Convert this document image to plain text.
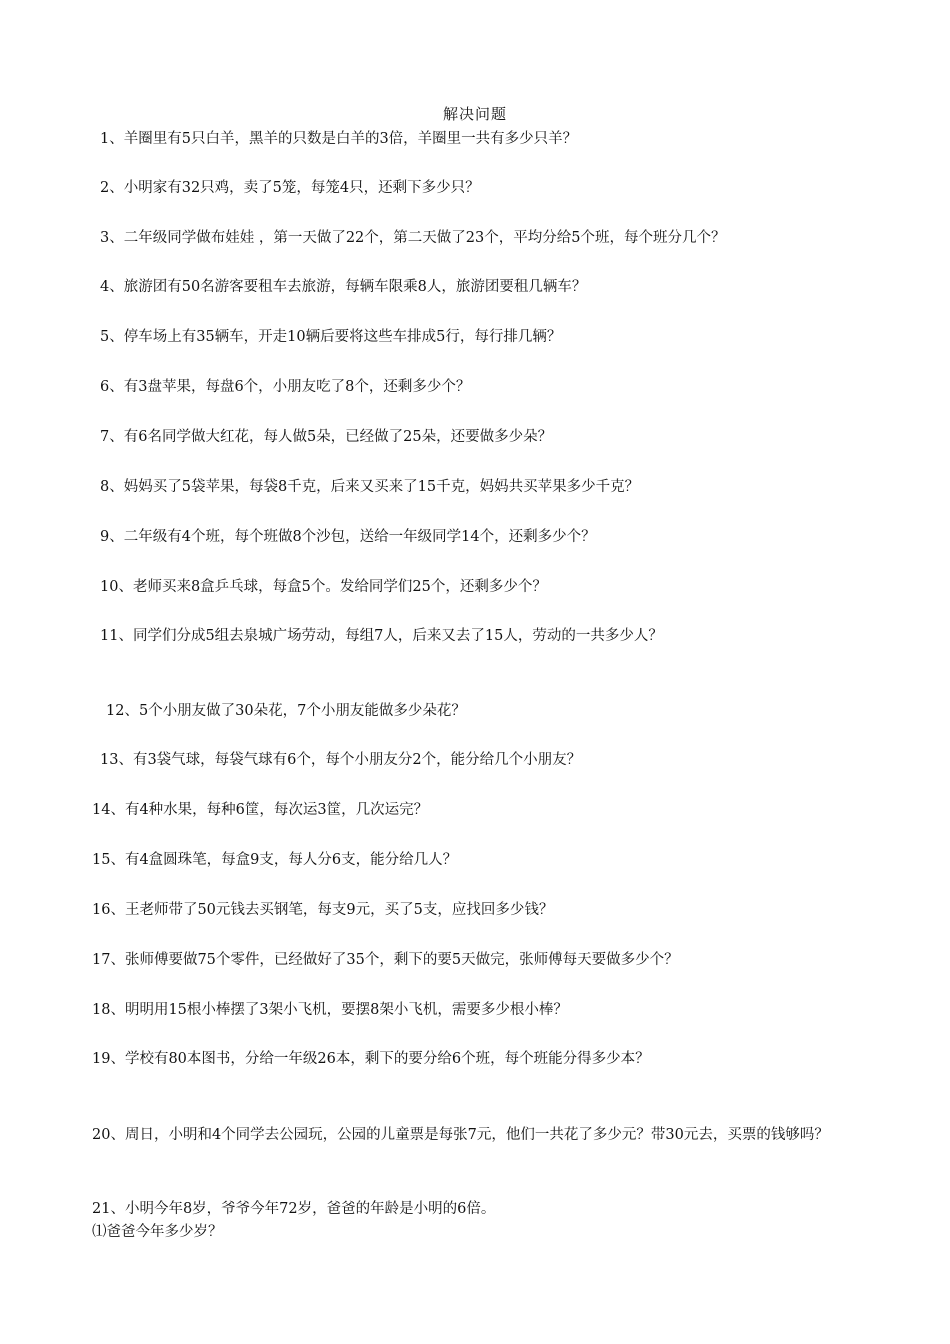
解决问题
1、羊圈里有5只白羊，黑羊的只数是白羊的3倍，羊圈里一共有多少只羊？
2、小明家有32只鸡，卖了5笼，每笼4只，还剩下多少只？
3、二年级同学做布娃娃 ，第一天做了22个，第二天做了23个，平均分给5个班，每个班分几个？
4、旅游团有50名游客要租车去旅游，每辆车限乘8人，旅游团要租几辆车？
5、停车场上有35辆车，开走10辆后要将这些车排成5行，每行排几辆？
6、有3盘苹果，每盘6个，小朋友吃了8个，还剩多少个？
7、有6名同学做大红花，每人做5朵，已经做了25朵，还要做多少朵？
8、妈妈买了5袋苹果，每袋8千克，后来又买来了15千克，妈妈共买苹果多少千克？
9、二年级有4个班，每个班做8个沙包，送给一年级同学14个，还剩多少个？
10、老师买来8盒乒乓球，每盒5个。发给同学们25个，还剩多少个？
11、同学们分成5组去泉城广场劳动，每组7人，后来又去了15人，劳动的一共多少人？
12、5个小朋友做了30朵花，7个小朋友能做多少朵花？
13、有3袋气球，每袋气球有6个，每个小朋友分2个，能分给几个小朋友？
14、有4种水果，每种6筐，每次运3筐，几次运完？
15、有4盒圆珠笔，每盒9支，每人分6支，能分给几人？
16、王老师带了50元钱去买钢笔，每支9元，买了5支，应找回多少钱？
17、张师傅要做75个零件，已经做好了35个，剩下的要5天做完，张师傅每天要做多少个？
18、明明用15根小棒摆了3架小飞机，要摆8架小飞机，需要多少根小棒？
19、学校有80本图书，分给一年级26本，剩下的要分给6个班，每个班能分得多少本？
20、周日，小明和4个同学去公园玩，公园的儿童票是每张7元，他们一共花了多少元？带30元去，买票的钱够吗？
21、小明今年8岁，爷爷今年72岁，爸爸的年龄是小明的6倍。
⑴爸爸今年多少岁？
